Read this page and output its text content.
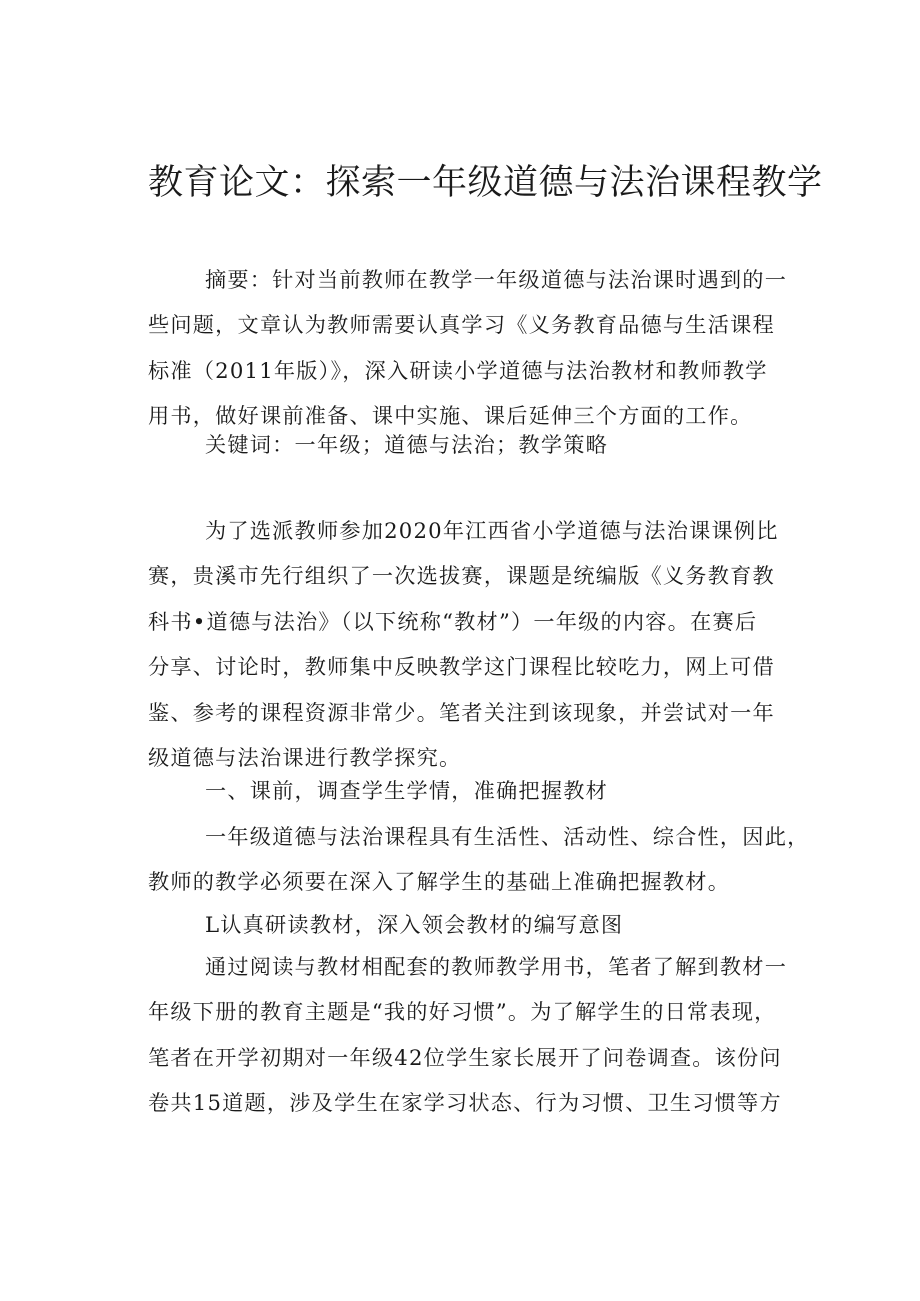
教育论文：探索一年级道德与法治课程教学
摘要：针对当前教师在教学一年级道德与法治课时遇到的一
些问题，文章认为教师需要认真学习《义务教育品德与生活课程
标准（2011年版）》，深入研读小学道德与法治教材和教师教学
用书，做好课前准备、课中实施、课后延伸三个方面的工作。
关键词：一年级；道德与法治；教学策略
为了选派教师参加2020年江西省小学道德与法治课课例比
赛，贵溪市先行组织了一次选拔赛，课题是统编版《义务教育教
科书•道德与法治》（以下统称“教材”）一年级的内容。在赛后
分享、讨论时，教师集中反映教学这门课程比较吃力，网上可借
鉴、参考的课程资源非常少。笔者关注到该现象，并尝试对一年
级道德与法治课进行教学探究。
一、课前，调查学生学情，准确把握教材
一年级道德与法治课程具有生活性、活动性、综合性，因此，
教师的教学必须要在深入了解学生的基础上准确把握教材。
L认真研读教材，深入领会教材的编写意图
通过阅读与教材相配套的教师教学用书，笔者了解到教材一
年级下册的教育主题是“我的好习惯”。为了解学生的日常表现，
笔者在开学初期对一年级42位学生家长展开了问卷调查。该份问
卷共15道题，涉及学生在家学习状态、行为习惯、卫生习惯等方
